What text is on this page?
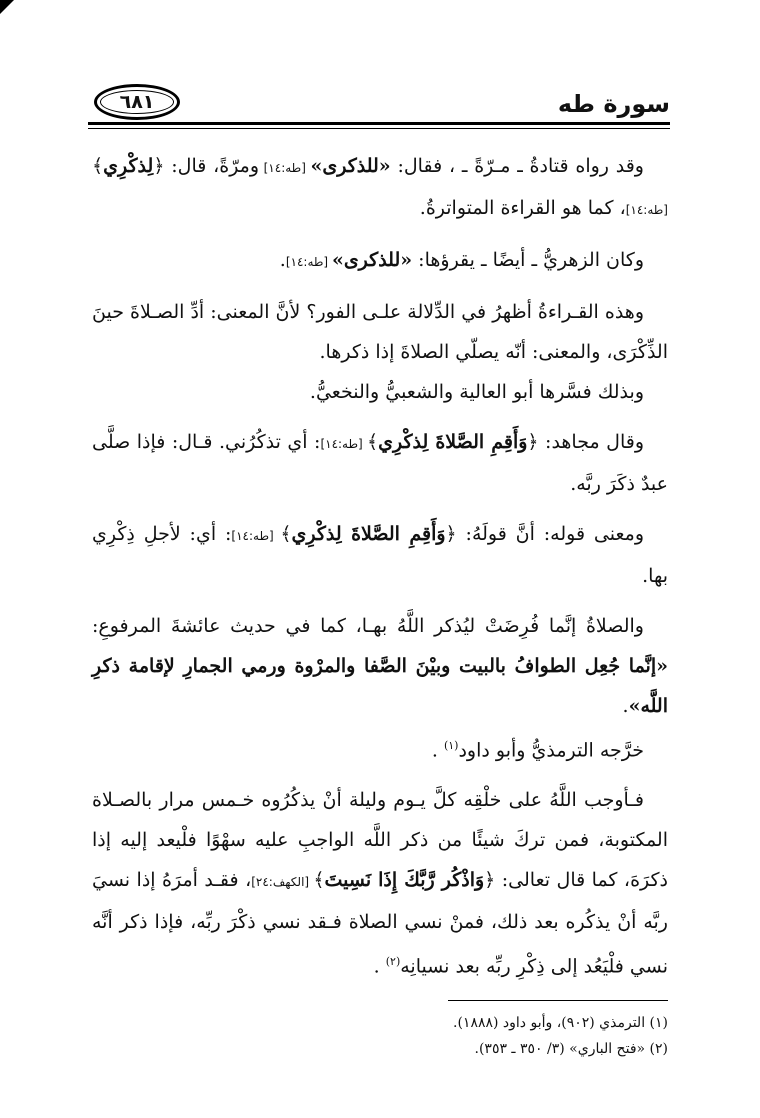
سورة طه
٦٨١

وقد رواه قتادةُ ـ مـرّةً ـ ، فقال: «للذكرى» [طه:١٤] ومرّةً، قال: ﴿لِذكْرِي﴾ [طه:١٤]، كما هو القراءة المتواترةُ.

وكان الزهريُّ ـ أيضًا ـ يقرؤها: «للذكرى» [طه:١٤].

وهذه القـراءةُ أظهرُ في الدِّلالة علـى الفور؟ لأنَّ المعنى: أدِّ الصـلاةَ حينَ الذِّكْرَى، والمعنى: أنّه يصلّي الصلاةَ إذا ذكرها.

وبذلك فسَّرها أبو العالية والشعبيُّ والنخعيُّ.

وقال مجاهد: ﴿وَأَقِمِ الصَّلاةَ لِذكْرِي﴾ [طه:١٤]: أي تذكُرُني. قـال: فإذا صلَّى عبدٌ ذكَرَ ربَّه.

ومعنى قوله: أنَّ قولَهُ: ﴿وَأَقِمِ الصَّلاةَ لِذكْرِي﴾ [طه:١٤]: أي: لأجلِ ذِكْرِي بها.

والصلاةُ إنَّما فُرِضَتْ ليُذكر اللَّهُ بهـا، كما في حديث عائشةَ المرفوعِ: «إنَّما جُعِل الطوافُ بالبيت وبيْنَ الصَّفا والمرْوة ورمي الجمارِ لإقامة ذكرِ اللَّه».

خرَّجه الترمذيُّ وأبو داود$^{(١)}$ .

فـأوجب اللَّهُ على خلْقِه كلَّ يـوم وليلة أنْ يذكُرُوه خـمس مرار بالصـلاة المكتوبة، فمن تركَ شيئًا من ذكر اللَّه الواجبِ عليه سهْوًا فلْيعد إليه إذا ذكرَهَ، كما قال تعالى: ﴿وَاذْكُر رَّبَّكَ إِذَا نَسِيتَ﴾ [الكهف:٢٤]، فقـد أمرَهُ إذا نسيَ ربَّه أنْ يذكُره بعد ذلك، فمنْ نسي الصلاة فـقد نسي ذكْرَ ربِّه، فإذا ذكر أنَّه نسي فلْيَعُد إلى ذِكْرِ ربِّه بعد نسيانِه$^{(٢)}$ .

(١) الترمذي (٩٠٢)، وأبو داود (١٨٨٨).
(٢) «فتح الباري» (٣/ ٣٥٠ ـ ٣٥٣).
